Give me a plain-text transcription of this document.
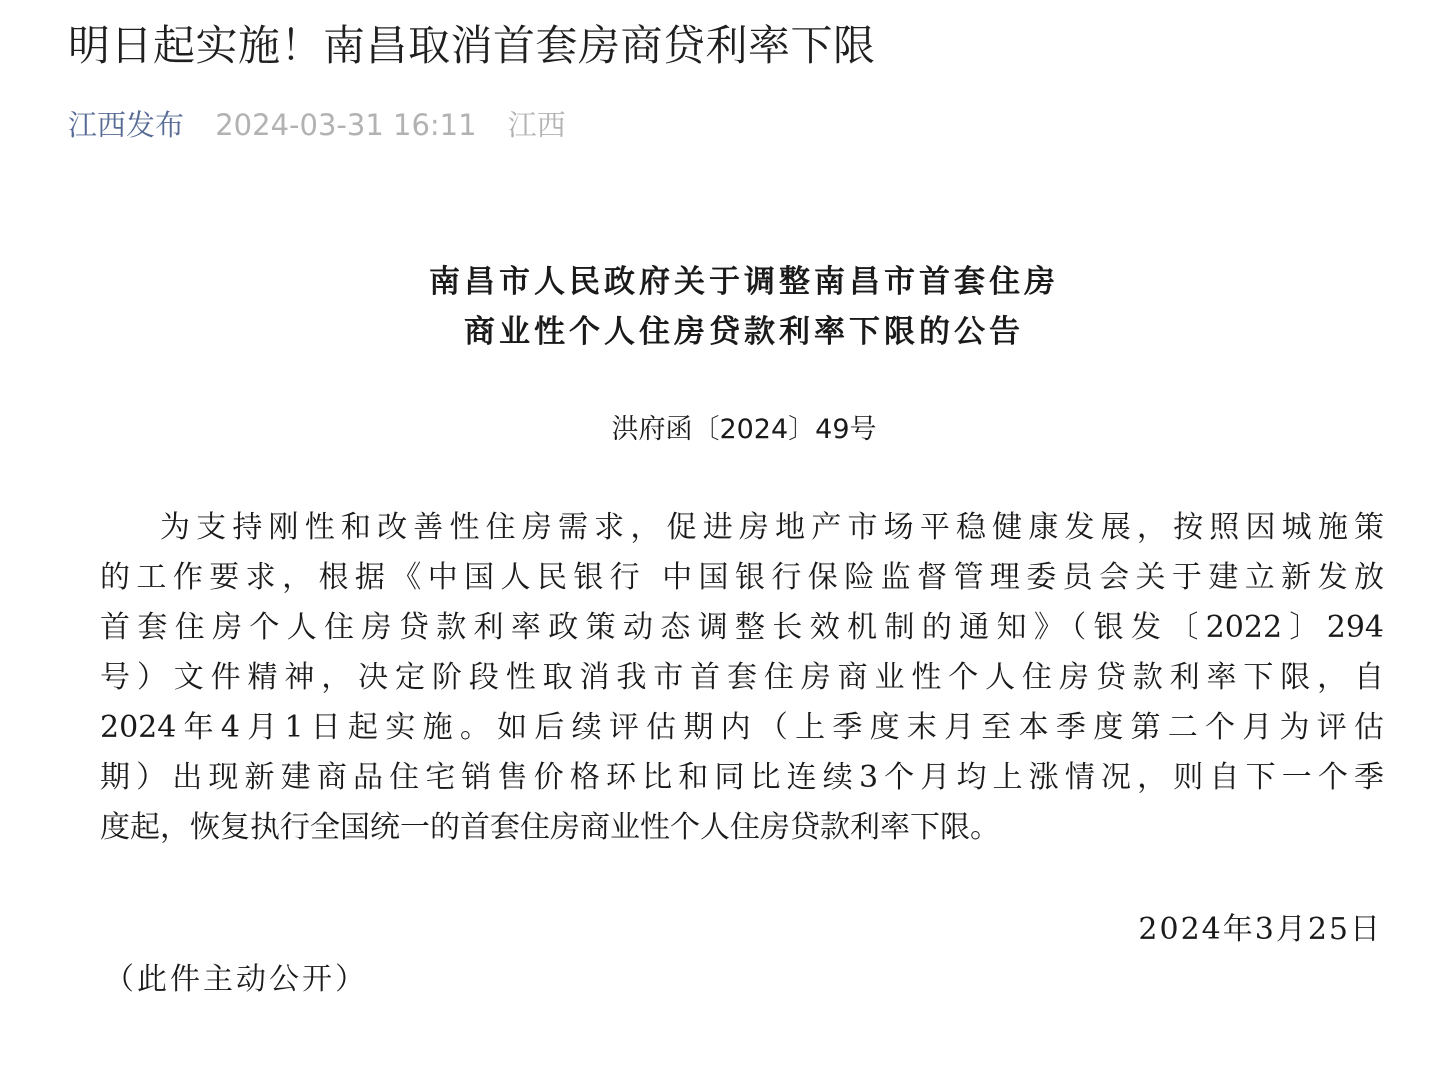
明日起实施！南昌取消首套房商贷利率下限
江西发布 2024-03-31 16:11 江西
南昌市人民政府关于调整南昌市首套住房
商业性个人住房贷款利率下限的公告
洪府函〔2024〕49号
为支持刚性和改善性住房需求，促进房地产市场平稳健康发展，按照因城施策
的工作要求，根据《中国人民银行 中国银行保险监督管理委员会关于建立新发放
首套住房个人住房贷款利率政策动态调整长效机制的通知》（银发〔2022〕294
号）文件精神，决定阶段性取消我市首套住房商业性个人住房贷款利率下限，自
2024年4月1日起实施。如后续评估期内（上季度末月至本季度第二个月为评估
期）出现新建商品住宅销售价格环比和同比连续3个月均上涨情况，则自下一个季
度起，恢复执行全国统一的首套住房商业性个人住房贷款利率下限。
2024年3月25日
（此件主动公开）
